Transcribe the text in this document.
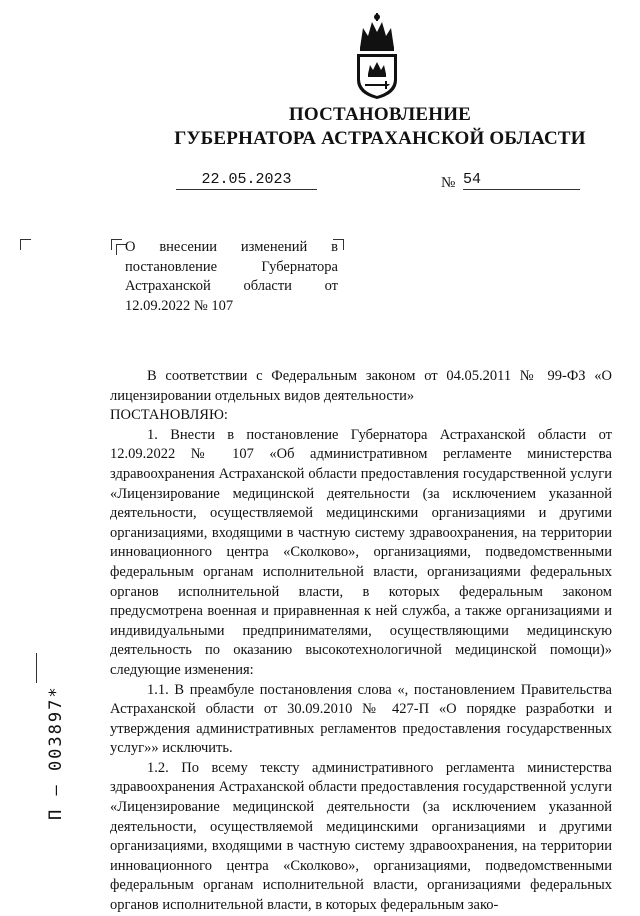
ПОСТАНОВЛЕНИЕ
ГУБЕРНАТОРА АСТРАХАНСКОЙ ОБЛАСТИ
22.05.2023	№ 54
О внесении изменений в постановление Губернатора Астраханской области от 12.09.2022 № 107

В соответствии с Федеральным законом от 04.05.2011 № 99-ФЗ «О лицензировании отдельных видов деятельности»

ПОСТАНОВЛЯЮ:

1. Внести в постановление Губернатора Астраханской области от 12.09.2022 № 107 «Об административном регламенте министерства здравоохранения Астраханской области предоставления государственной услуги «Лицензирование медицинской деятельности (за исключением указанной деятельности, осуществляемой медицинскими организациями и другими организациями, входящими в частную систему здравоохранения, на территории инновационного центра «Сколково», организациями, подведомственными федеральным органам исполнительной власти, организациями федеральных органов исполнительной власти, в которых федеральным законом предусмотрена военная и приравненная к ней служба, а также организациями и индивидуальными предпринимателями, осуществляющими медицинскую деятельность по оказанию высокотехнологичной медицинской помощи)» следующие изменения:

1.1. В преамбуле постановления слова «, постановлением Правительства Астраханской области от 30.09.2010 № 427-П «О порядке разработки и утверждения административных регламентов предоставления государственных услуг»» исключить.

1.2. По всему тексту административного регламента министерства здравоохранения Астраханской области предоставления государственной услуги «Лицензирование медицинской деятельности (за исключением указанной деятельности, осуществляемой медицинскими организациями и другими организациями, входящими в частную систему здравоохранения, на территории инновационного центра «Сколково», организациями, подведомственными федеральным органам исполнительной власти, организациями федеральных органов исполнительной власти, в которых федеральным зако-

П – 003897*
